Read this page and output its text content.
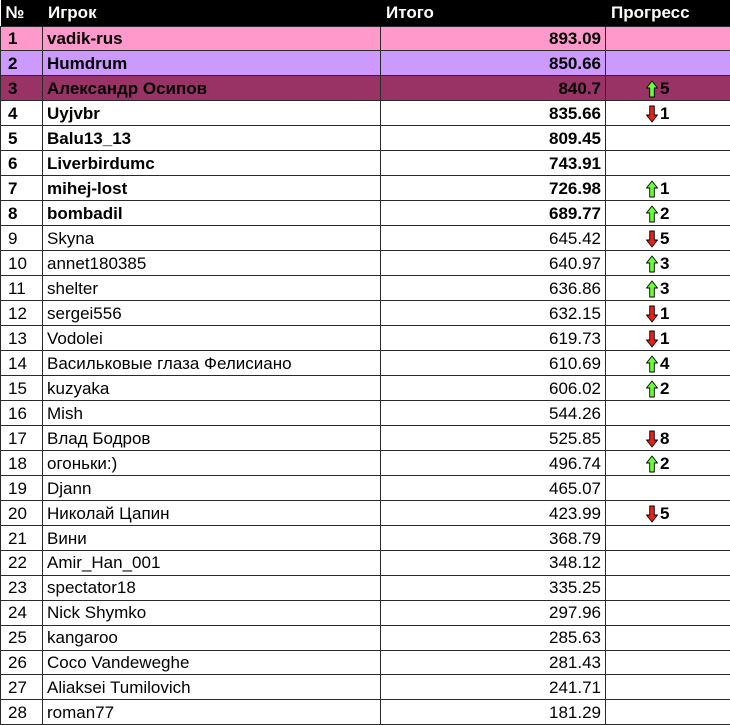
№	Игрок	Итого	Прогресс
1	vadik-rus	893.09	
2	Humdrum	850.66	
3	Александр Осипов	840.7	5
4	Uyjvbr	835.66	1
5	Balu13_13	809.45	
6	Liverbirdumc	743.91	
7	mihej-lost	726.98	1
8	bombadil	689.77	2
9	Skyna	645.42	5
10	annet180385	640.97	3
11	shelter	636.86	3
12	sergei556	632.15	1
13	Vodolei	619.73	1
14	Васильковые глаза Фелисиано	610.69	4
15	kuzyaka	606.02	2
16	Mish	544.26	
17	Влад Бодров	525.85	8
18	огоньки:)	496.74	2
19	Djann	465.07	
20	Николай Цапин	423.99	5
21	Вини	368.79	
22	Amir_Han_001	348.12	
23	spectator18	335.25	
24	Nick Shymko	297.96	
25	kangaroo	285.63	
26	Coco Vandeweghe	281.43	
27	Aliaksei Tumilovich	241.71	
28	roman77	181.29	
